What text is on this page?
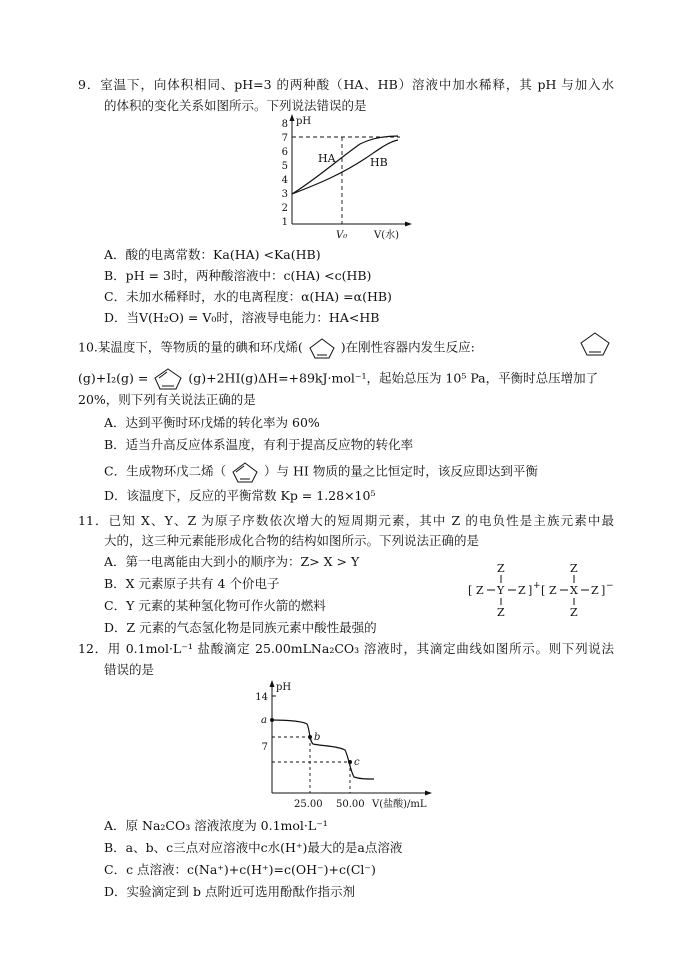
9．室温下，向体积相同、pH=3 的两种酸（HA、HB）溶液中加水稀释，其 pH 与加入水
的体积的变化关系如图所示。下列说法错误的是
pH
8
7
6
5
4
3
2
1
HA	HB
V₀	V(水)
A．酸的电离常数：Ka(HA) <Ka(HB)
B．pH = 3时，两种酸溶液中：c(HA) <c(HB)
C．未加水稀释时，水的电离程度：α(HA) =α(HB)
D．当V(H₂O) = V₀时，溶液导电能力：HA<HB
10.某温度下，等物质的量的碘和环戊烯(	)在刚性容器内发生反应:
(g)+I₂(g) =	(g)+2HI(g)ΔH=+89kJ·mol⁻¹，起始总压为 10⁵ Pa，平衡时总压增加了
20%，则下列有关说法正确的是
A．达到平衡时环戊烯的转化率为 60%
B．适当升高反应体系温度，有利于提高反应物的转化率
C．生成物环戊二烯（	）与 HI 物质的量之比恒定时，该反应即达到平衡
D．该温度下，反应的平衡常数 Kp = 1.28×10⁵
11．已知 X、Y、Z 为原子序数依次增大的短周期元素，其中 Z 的电负性是主族元素中最
大的，这三种元素能形成化合物的结构如图所示。下列说法正确的是
A．第一电离能由大到小的顺序为：Z> X > Y
B．X 元素原子共有 4 个价电子
C．Y 元素的某种氢化物可作火箭的燃料
D．Z 元素的气态氢化物是同族元素中酸性最强的
[ Z Y Z ] +
Z
Z
[ Z X Z ] −
Z
Z
12．用 0.1mol·L⁻¹ 盐酸滴定 25.00mLNa₂CO₃ 溶液时，其滴定曲线如图所示。则下列说法
错误的是
pH
14
7
a
b
c
25.00 50.00 V(盐酸)/mL
A．原 Na₂CO₃ 溶液浓度为 0.1mol·L⁻¹
B．a、b、c三点对应溶液中c水(H⁺)最大的是a点溶液
C．c 点溶液：c(Na⁺)+c(H⁺)=c(OH⁻)+c(Cl⁻)
D．实验滴定到 b 点附近可选用酚酞作指示剂
